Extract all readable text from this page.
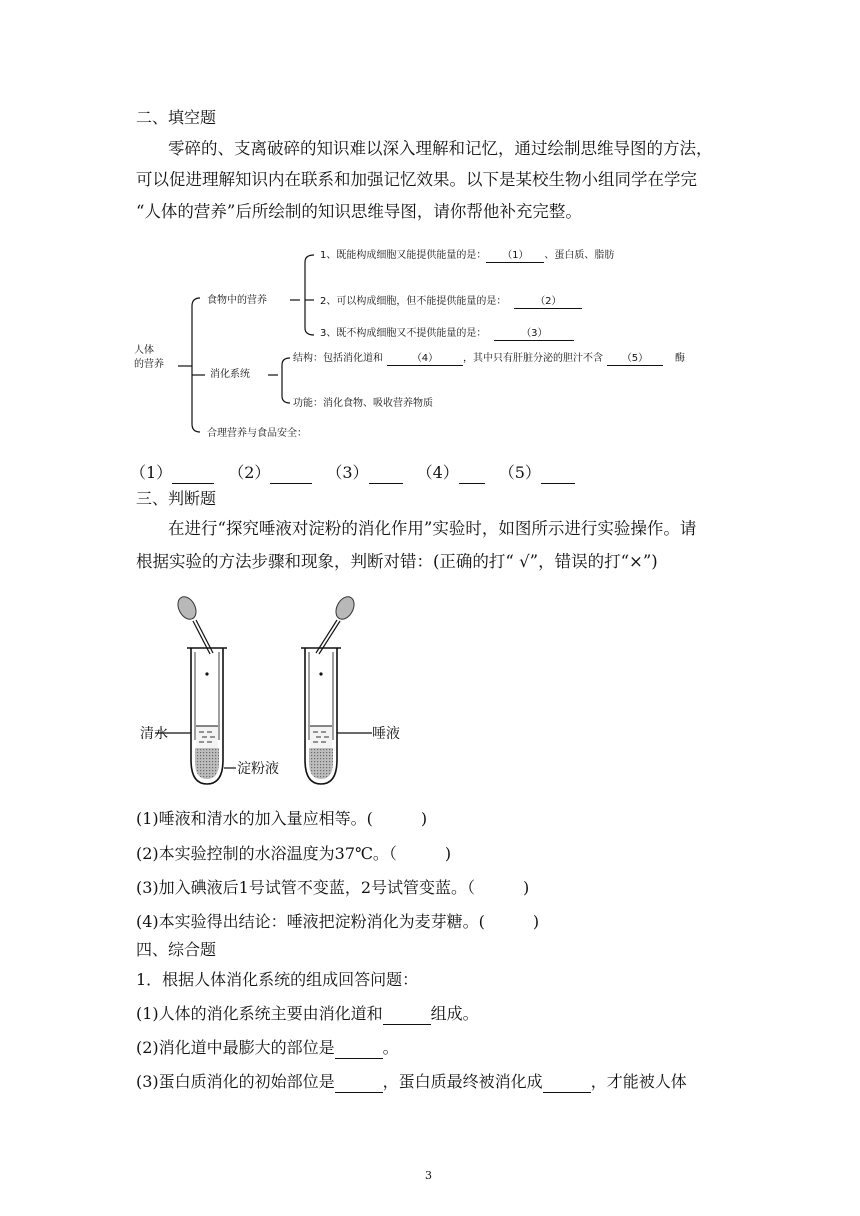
二、填空题
零碎的、支离破碎的知识难以深入理解和记忆，通过绘制思维导图的方法，
可以促进理解知识内在联系和加强记忆效果。以下是某校生物小组同学在学完
“人体的营养”后所绘制的知识思维导图，请你帮他补充完整。
人体
的营养
食物中的营养
1、既能构成细胞又能提供能量的是： （1） 、蛋白质、脂肪
2、可以构成细胞，但不能提供能量的是：	（2）
3、既不构成细胞又不提供能量的是：	（3）
消化系统
结构：包括消化道和	（4） ，其中只有肝脏分泌的胆汁不含 （5）	酶
功能：消化食物、吸收营养物质
合理营养与食品安全：
（1）	（2）	（3）	（4）	（5）
三、判断题
在进行“探究唾液对淀粉的消化作用”实验时，如图所示进行实验操作。请
根据实验的方法步骤和现象，判断对错：(正确的打“ √”，错误的打“×”)
清水	唾液
淀粉液
(1)唾液和清水的加入量应相等。(　　　)
(2)本实验控制的水浴温度为37℃。（　　　)
(3)加入碘液后1号试管不变蓝，2号试管变蓝。（　　　)
(4)本实验得出结论：唾液把淀粉消化为麦芽糖。(　　　)
四、综合题
1．根据人体消化系统的组成回答问题：
(1)人体的消化系统主要由消化道和	组成。
(2)消化道中最膨大的部位是	。
(3)蛋白质消化的初始部位是	，蛋白质最终被消化成	，才能被人体
3
